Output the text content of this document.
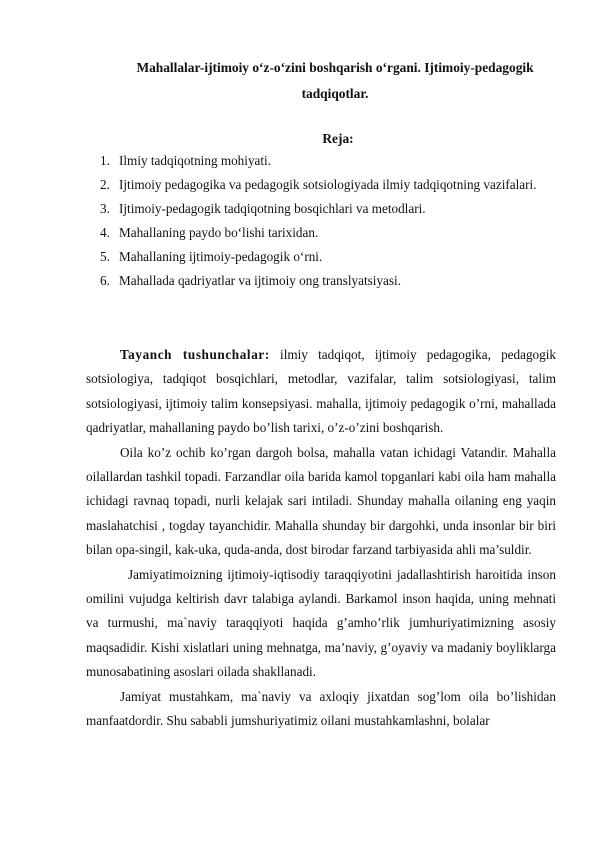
Mahallalar-ijtimoiy o‘z-o‘zini boshqarish o‘rgani. Ijtimoiy-pedagogik tadqiqotlar.
Reja:
1. Ilmiy tadqiqotning mohiyati.
2. Ijtimoiy pedagogika va pedagogik sotsiologiyada ilmiy tadqiqotning vazifalari.
3. Ijtimoiy-pedagogik tadqiqotning bosqichlari va metodlari.
4. Mahallaning paydo bo‘lishi tarixidan.
5. Mahallaning ijtimoiy-pedagogik o‘rni.
6. Mahallada qadriyatlar va ijtimoiy ong translyatsiyasi.

Tayanch tushunchalar: ilmiy tadqiqot, ijtimoiy pedagogika, pedagogik sotsiologiya, tadqiqot bosqichlari, metodlar, vazifalar, talim sotsiologiyasi, talim sotsiologiyasi, ijtimoiy talim konsepsiyasi. mahalla, ijtimoiy pedagogik o’rni, mahallada qadriyatlar, mahallaning paydo bo’lish tarixi, o’z-o’zini boshqarish.

Oila ko’z ochib ko’rgan dargoh bolsa, mahalla vatan ichidagi Vatandir. Mahalla oilallardan tashkil topadi. Farzandlar oila barida kamol topganlari kabi oila ham mahalla ichidagi ravnaq topadi, nurli kelajak sari intiladi. Shunday mahalla oilaning eng yaqin maslahatchisi , togday tayanchidir. Mahalla shunday bir dargohki, unda insonlar bir biri bilan opa-singil, kak-uka, quda-anda, dost birodar farzand tarbiyasida ahli ma’suldir.

Jamiyatimoizning ijtimoiy-iqtisodiy taraqqiyotini jadallashtirish haroitida inson omilini vujudga keltirish davr talabiga aylandi. Barkamol inson haqida, uning mehnati va turmushi, ma`naviy taraqqiyoti haqida g’amho’rlik jumhuriyatimizning asosiy maqsadidir. Kishi xislatlari uning mehnatga, ma’naviy, g’oyaviy va madaniy boyliklarga munosabatining asoslari oilada shakllanadi.

Jamiyat mustahkam, ma`naviy va axloqiy jixatdan sog’lom oila bo’lishidan manfaatdordir. Shu sababli jumshuriyatimiz oilani mustahkamlashni, bolalar
